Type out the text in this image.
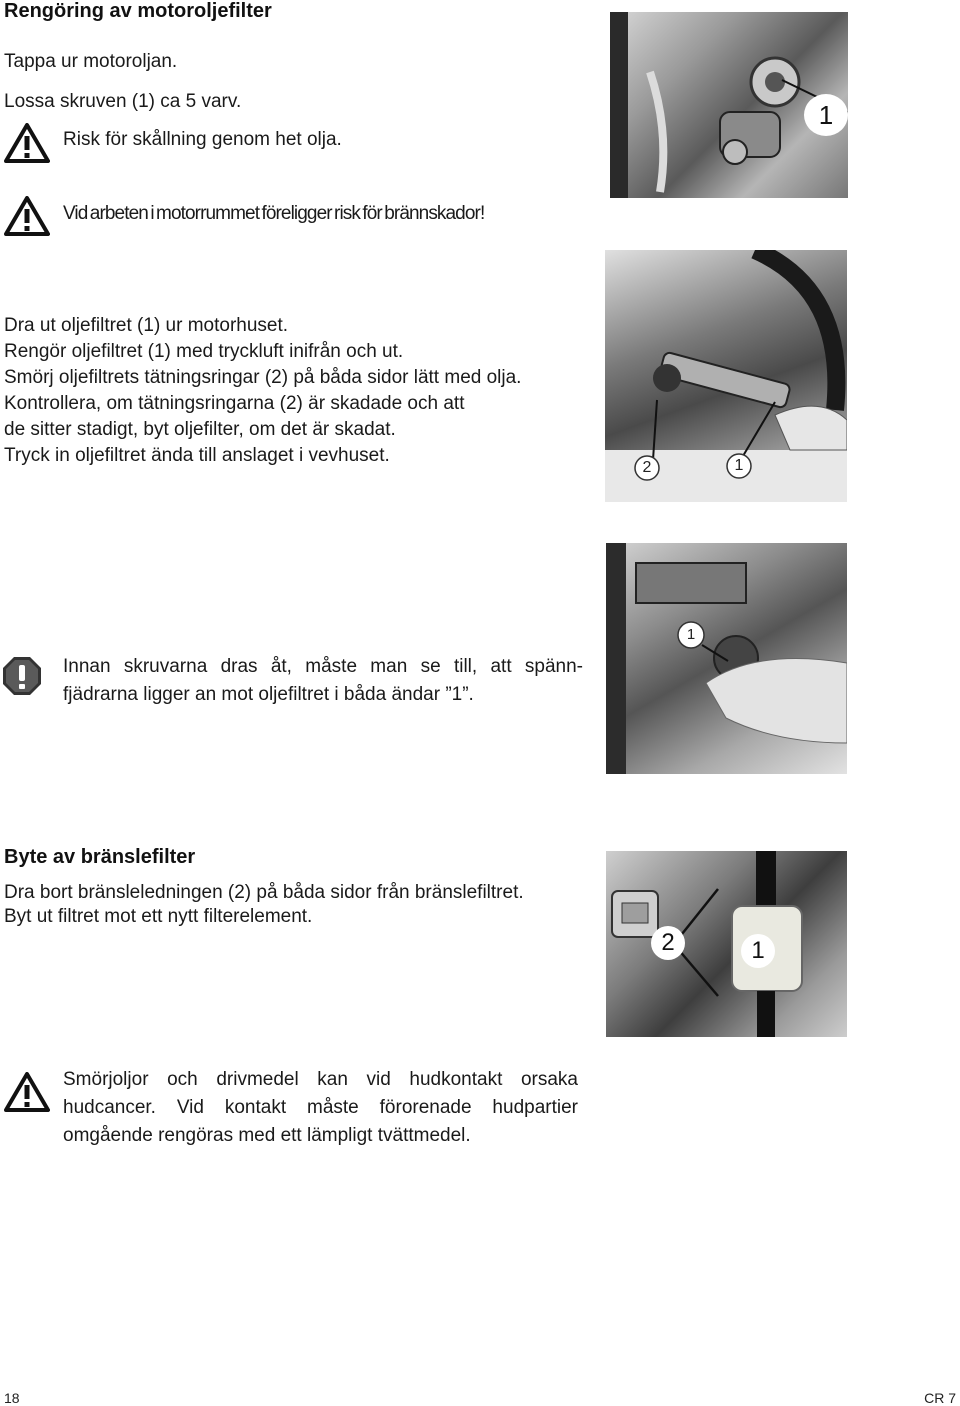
Rengöring av motoroljefilter
Tappa ur motoroljan.
Lossa skruven (1) ca 5 varv.
Risk för skållning genom het olja.
Vid arbeten i motorrummet föreligger risk för brännskador!
1
Dra ut oljefiltret (1) ur motorhuset.
Rengör oljefiltret (1) med tryckluft inifrån och ut.
Smörj oljefiltrets tätningsringar (2) på båda sidor lätt med olja.
Kontrollera, om tätningsringarna (2) är skadade och att
de sitter stadigt, byt oljefilter, om det är skadat.
Tryck in oljefiltret ända till anslaget i vevhuset.
2	1
Innan skruvarna dras åt, måste man se till, att spänn-fjädrarna ligger an mot oljefiltret i båda ändar ”1”.
1
Byte av bränslefilter
Dra bort bränsleledningen (2) på båda sidor från bränslefiltret.
Byt ut filtret mot ett nytt filterelement.
2	1
Smörjoljor och drivmedel kan vid hudkontakt orsaka hudcancer. Vid kontakt måste förorenade hudpartier omgående rengöras med ett lämpligt tvättmedel.
18	CR 7
